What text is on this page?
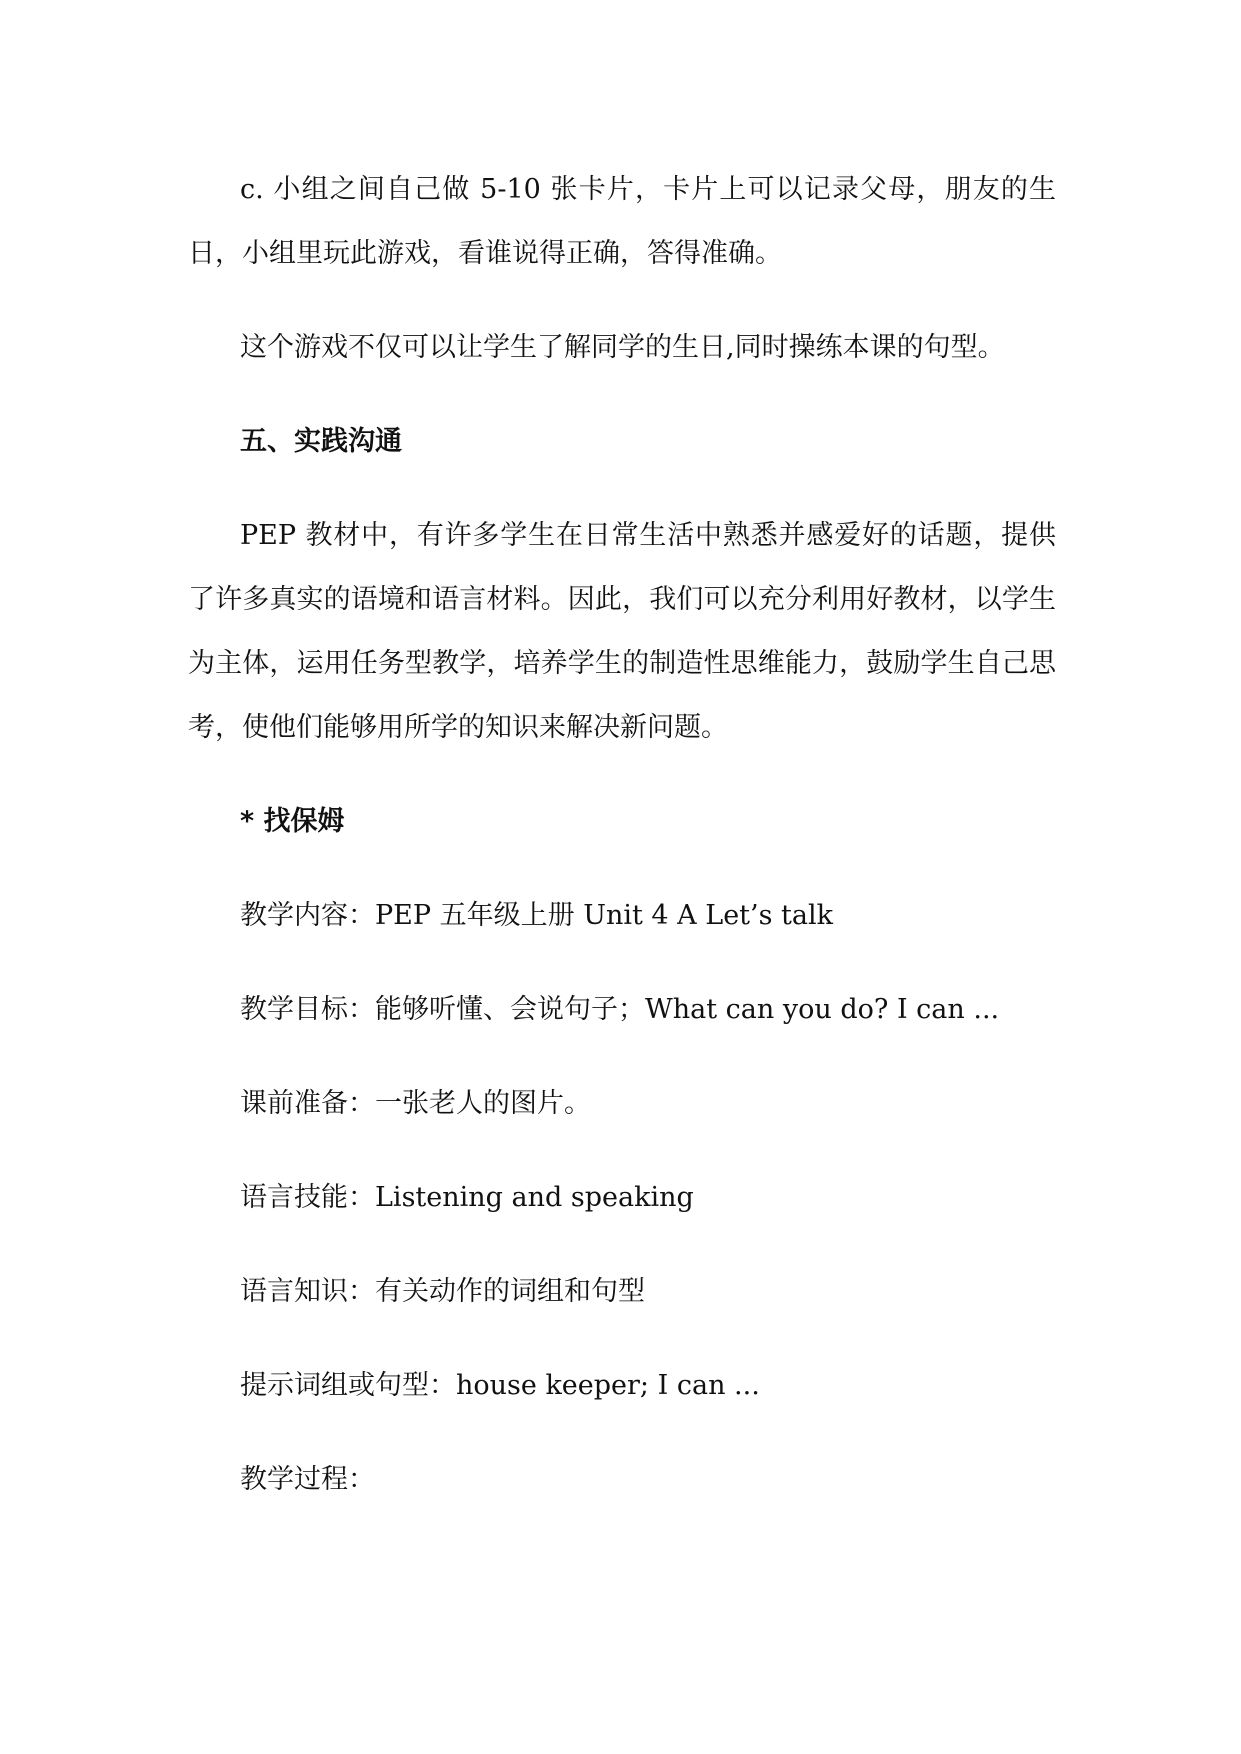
c. 小组之间自己做 5-10 张卡片，卡片上可以记录父母，朋友的生日，小组里玩此游戏，看谁说得正确，答得准确。

这个游戏不仅可以让学生了解同学的生日,同时操练本课的句型。

五、实践沟通

PEP 教材中，有许多学生在日常生活中熟悉并感爱好的话题，提供了许多真实的语境和语言材料。因此，我们可以充分利用好教材，以学生为主体，运用任务型教学，培养学生的制造性思维能力，鼓励学生自己思考，使他们能够用所学的知识来解决新问题。

* 找保姆
教学内容：PEP 五年级上册 Unit 4 A Let’s talk
教学目标：能够听懂、会说句子；What can you do? I can ...
课前准备：一张老人的图片。
语言技能：Listening and speaking
语言知识：有关动作的词组和句型
提示词组或句型：house keeper; I can ...
教学过程：
